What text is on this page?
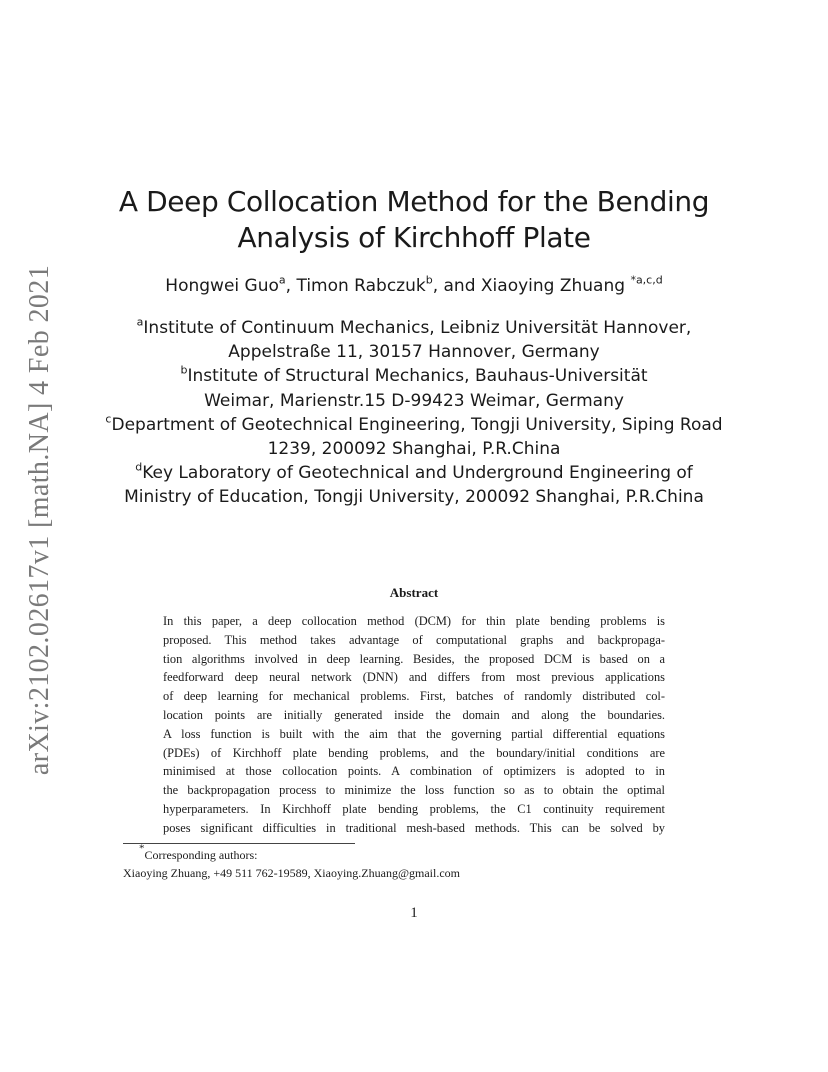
arXiv:2102.02617v1 [math.NA] 4 Feb 2021
A Deep Collocation Method for the Bending
Analysis of Kirchhoff Plate
Hongwei Guo$^a$, Timon Rabczuk$^b$, and Xiaoying Zhuang $^{*a,c,d}$
$^a$Institute of Continuum Mechanics, Leibniz Universität Hannover,
Appelstraße 11, 30157 Hannover, Germany
$^b$Institute of Structural Mechanics, Bauhaus-Universität
Weimar, Marienstr.15 D-99423 Weimar, Germany
$^c$Department of Geotechnical Engineering, Tongji University, Siping Road
1239, 200092 Shanghai, P.R.China
$^d$Key Laboratory of Geotechnical and Underground Engineering of
Ministry of Education, Tongji University, 200092 Shanghai, P.R.China
Abstract
In this paper, a deep collocation method (DCM) for thin plate bending problems is
proposed. This method takes advantage of computational graphs and backpropaga-
tion algorithms involved in deep learning. Besides, the proposed DCM is based on a
feedforward deep neural network (DNN) and differs from most previous applications
of deep learning for mechanical problems. First, batches of randomly distributed col-
location points are initially generated inside the domain and along the boundaries.
A loss function is built with the aim that the governing partial differential equations
(PDEs) of Kirchhoff plate bending problems, and the boundary/initial conditions are
minimised at those collocation points. A combination of optimizers is adopted to in
the backpropagation process to minimize the loss function so as to obtain the optimal
hyperparameters. In Kirchhoff plate bending problems, the C1 continuity requirement
poses significant difficulties in traditional mesh-based methods. This can be solved by
*Corresponding authors:
Xiaoying Zhuang, +49 511 762-19589, Xiaoying.Zhuang@gmail.com
1
